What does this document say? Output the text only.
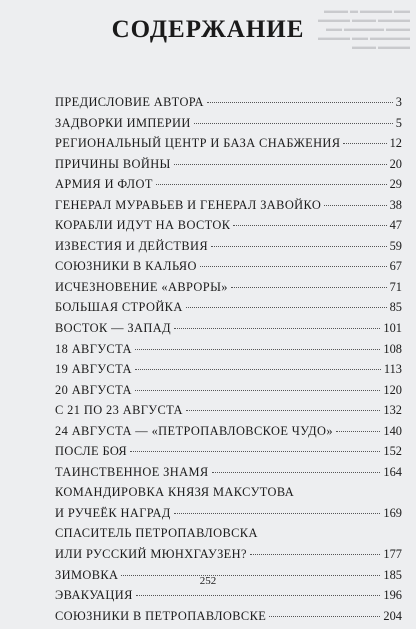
▬▬▬ ▬ ▬▬▬▬ ▬▬
▬▬▬▬ ▬▬▬ ▬▬▬▬
▬▬ ▬▬▬▬▬ ▬▬▬
▬▬▬▬ ▬▬ ▬▬▬▬▬
▬▬▬ ▬▬▬▬
СОДЕРЖАНИЕ
ПРЕДИСЛОВИЕ АВТОРА	3
ЗАДВОРКИ ИМПЕРИИ	5
РЕГИОНАЛЬНЫЙ ЦЕНТР И БАЗА СНАБЖЕНИЯ	12
ПРИЧИНЫ ВОЙНЫ	20
АРМИЯ И ФЛОТ	29
ГЕНЕРАЛ МУРАВЬЕВ И ГЕНЕРАЛ ЗАВОЙКО	38
КОРАБЛИ ИДУТ НА ВОСТОК	47
ИЗВЕСТИЯ И ДЕЙСТВИЯ	59
СОЮЗНИКИ В КАЛЬЯО	67
ИСЧЕЗНОВЕНИЕ «АВРОРЫ»	71
БОЛЬШАЯ СТРОЙКА	85
ВОСТОК — ЗАПАД	101
18 АВГУСТА	108
19 АВГУСТА	113
20 АВГУСТА	120
С 21 ПО 23 АВГУСТА	132
24 АВГУСТА — «ПЕТРОПАВЛОВСКОЕ ЧУДО»	140
ПОСЛЕ БОЯ	152
ТАИНСТВЕННОЕ ЗНАМЯ	164
КОМАНДИРОВКА КНЯЗЯ МАКСУТОВА
И РУЧЕЁК НАГРАД	169
СПАСИТЕЛЬ ПЕТРОПАВЛОВСКА
ИЛИ РУССКИЙ МЮНХГАУЗЕН?	177
ЗИМОВКА	185
ЭВАКУАЦИЯ	196
СОЮЗНИКИ В ПЕТРОПАВЛОВСКЕ	204
252
